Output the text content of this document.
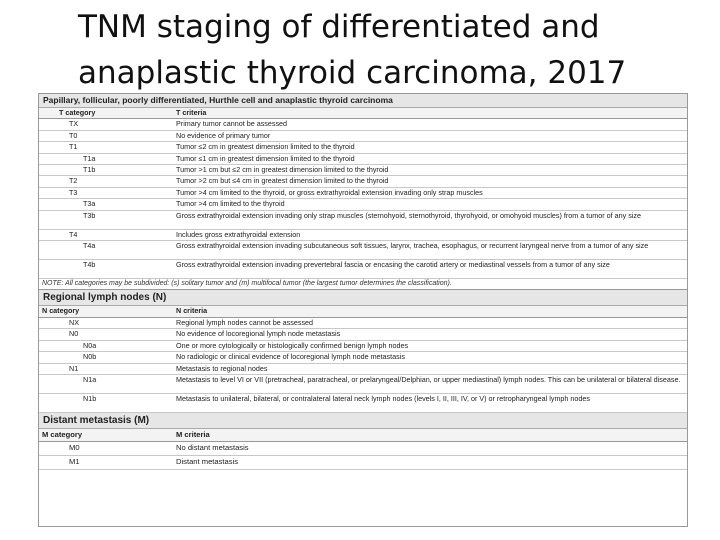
TNM staging of differentiated and anaplastic thyroid carcinoma, 2017
Papillary, follicular, poorly differentiated, Hurthle cell and anaplastic thyroid carcinoma
T category	T criteria
TX	Primary tumor cannot be assessed
T0	No evidence of primary tumor
T1	Tumor ≤2 cm in greatest dimension limited to the thyroid
T1a	Tumor ≤1 cm in greatest dimension limited to the thyroid
T1b	Tumor >1 cm but ≤2 cm in greatest dimension limited to the thyroid
T2	Tumor >2 cm but ≤4 cm in greatest dimension limited to the thyroid
T3	Tumor >4 cm limited to the thyroid, or gross extrathyroidal extension invading only strap muscles
T3a	Tumor >4 cm limited to the thyroid
T3b	Gross extrathyroidal extension invading only strap muscles (sternohyoid, sternothyroid, thyrohyoid, or omohyoid muscles) from a tumor of any size
T4	Includes gross extrathyroidal extension
T4a	Gross extrathyroidal extension invading subcutaneous soft tissues, larynx, trachea, esophagus, or recurrent laryngeal nerve from a tumor of any size
T4b	Gross extrathyroidal extension invading prevertebral fascia or encasing the carotid artery or mediastinal vessels from a tumor of any size
NOTE: All categories may be subdivided: (s) solitary tumor and (m) multifocal tumor (the largest tumor determines the classification).	
Regional lymph nodes (N)
N category	N criteria
NX	Regional lymph nodes cannot be assessed
N0	No evidence of locoregional lymph node metastasis
N0a	One or more cytologically or histologically confirmed benign lymph nodes
N0b	No radiologic or clinical evidence of locoregional lymph node metastasis
N1	Metastasis to regional nodes
N1a	Metastasis to level VI or VII (pretracheal, paratracheal, or prelaryngeal/Delphian, or upper mediastinal) lymph nodes. This can be unilateral or bilateral disease.
N1b	Metastasis to unilateral, bilateral, or contralateral lateral neck lymph nodes (levels I, II, III, IV, or V) or retropharyngeal lymph nodes
Distant metastasis (M)
M category	M criteria
M0	No distant metastasis
M1	Distant metastasis
